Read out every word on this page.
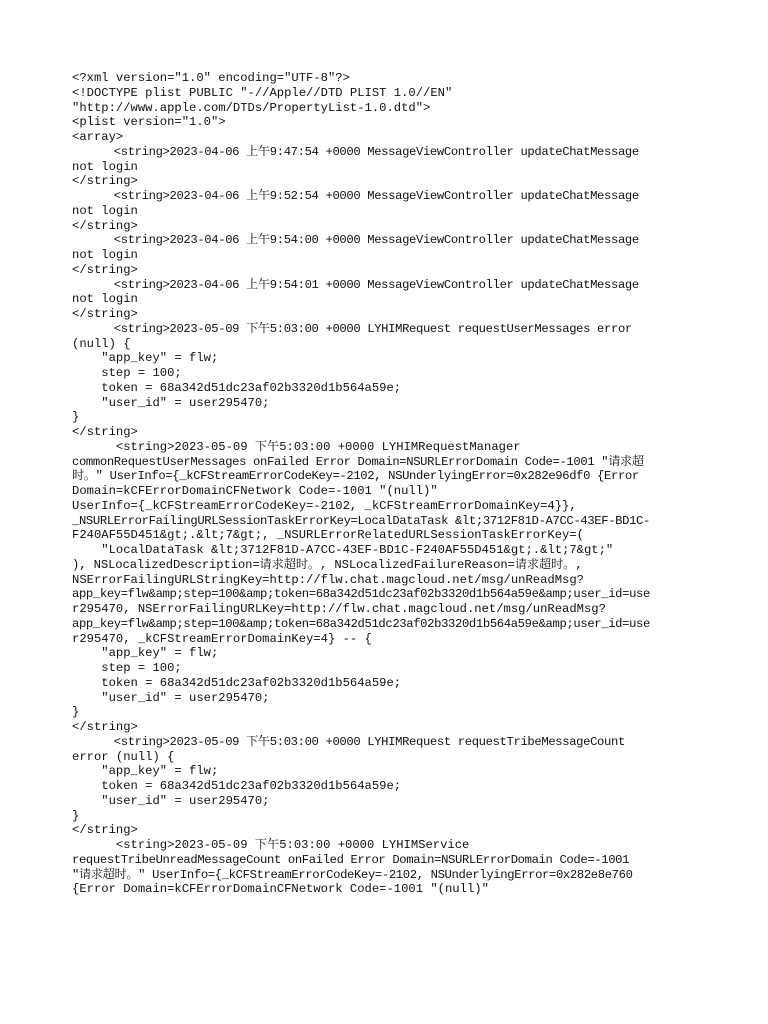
<?xml version="1.0" encoding="UTF-8"?>
<!DOCTYPE plist PUBLIC "-//Apple//DTD PLIST 1.0//EN"
"http://www.apple.com/DTDs/PropertyList-1.0.dtd">
<plist version="1.0">
<array>
<string>2023-04-06 上午9:47:54 +0000 MessageViewController updateChatMessage
not login
</string>
<string>2023-04-06 上午9:52:54 +0000 MessageViewController updateChatMessage
not login
</string>
<string>2023-04-06 上午9:54:00 +0000 MessageViewController updateChatMessage
not login
</string>
<string>2023-04-06 上午9:54:01 +0000 MessageViewController updateChatMessage
not login
</string>
<string>2023-05-09 下午5:03:00 +0000 LYHIMRequest requestUserMessages error
(null) {
"app_key" = flw;
step = 100;
token = 68a342d51dc23af02b3320d1b564a59e;
"user_id" = user295470;
}
</string>
<string>2023-05-09 下午5:03:00 +0000 LYHIMRequestManager
commonRequestUserMessages onFailed Error Domain=NSURLErrorDomain Code=-1001 "请求超
时。" UserInfo={_kCFStreamErrorCodeKey=-2102, NSUnderlyingError=0x282e96df0 {Error
Domain=kCFErrorDomainCFNetwork Code=-1001 "(null)"
UserInfo={_kCFStreamErrorCodeKey=-2102, _kCFStreamErrorDomainKey=4}},
_NSURLErrorFailingURLSessionTaskErrorKey=LocalDataTask &lt;3712F81D-A7CC-43EF-BD1C-
F240AF55D451&gt;.&lt;7&gt;, _NSURLErrorRelatedURLSessionTaskErrorKey=(
"LocalDataTask &lt;3712F81D-A7CC-43EF-BD1C-F240AF55D451&gt;.&lt;7&gt;"
), NSLocalizedDescription=请求超时。, NSLocalizedFailureReason=请求超时。,
NSErrorFailingURLStringKey=http://flw.chat.magcloud.net/msg/unReadMsg?
app_key=flw&amp;step=100&amp;token=68a342d51dc23af02b3320d1b564a59e&amp;user_id=use
r295470, NSErrorFailingURLKey=http://flw.chat.magcloud.net/msg/unReadMsg?
app_key=flw&amp;step=100&amp;token=68a342d51dc23af02b3320d1b564a59e&amp;user_id=use
r295470, _kCFStreamErrorDomainKey=4} -- {
"app_key" = flw;
step = 100;
token = 68a342d51dc23af02b3320d1b564a59e;
"user_id" = user295470;
}
</string>
<string>2023-05-09 下午5:03:00 +0000 LYHIMRequest requestTribeMessageCount
error (null) {
"app_key" = flw;
token = 68a342d51dc23af02b3320d1b564a59e;
"user_id" = user295470;
}
</string>
<string>2023-05-09 下午5:03:00 +0000 LYHIMService
requestTribeUnreadMessageCount onFailed Error Domain=NSURLErrorDomain Code=-1001
"请求超时。" UserInfo={_kCFStreamErrorCodeKey=-2102, NSUnderlyingError=0x282e8e760
{Error Domain=kCFErrorDomainCFNetwork Code=-1001 "(null)"
